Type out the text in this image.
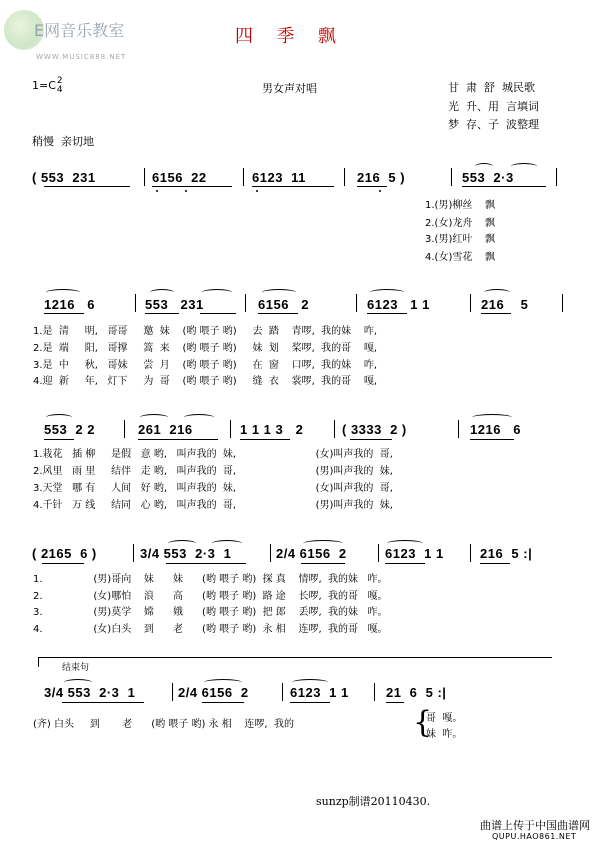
E网音乐教室
WWW.MUSIC888.NET
四  季  飘
1=C2
4	男女声对唱	甘  肃  舒  城民歌
光  升、用  言填词
梦  存、子  波整理
稍慢  亲切地
( 553  231	6156  22	6123  11	216  5 )	553  2·3
1.(男)柳丝    飘
2.(女)龙舟    飘
3.(男)红叶    飘
4.(女)雪花    飘
1216   6	553   231	6156   2	6123   1 1	216    5
1.是  清     明,   哥哥     邀  妹    (哟 喂子 哟)     去  踏    青啰,  我的妹    咋,
2.是  端     阳,   哥撑     篙  来    (哟 喂子 哟)     妹  划    桨啰,  我的哥    嘎,
3.是  中     秋,   哥妹     尝  月    (哟 喂子 哟)     在  窗    口啰,  我的妹    咋,
4.迎  新     年,   灯下     为  哥    (哟 喂子 哟)     缝  衣    裳啰,  我的哥    嘎,
553  2 2	261  216	1 1 1 3   2	( 3333  2 )	1216   6
1.栽花   插 柳     是假   意 哟,   叫声我的  妹,                         (女)叫声我的  哥,
2.风里   雨 里     结伴   走 哟,   叫声我的  哥,                         (男)叫声我的  妹,
3.天堂   哪 有     人间   好 哟,   叫声我的  妹,                         (女)叫声我的  哥,
4.千针   万 线     结同   心 哟,   叫声我的  哥,                         (男)叫声我的  妹,
( 2165  6 )	3/4 553  2·3  1	2/4 6156  2	6123  1 1	216  5 :|
1.                (男)哥向    妹      妹      (哟 喂子 哟)  探 真    情啰,  我的妹   咋。
2.                (女)哪怕    浪      高      (哟 喂子 哟)  路 途    长啰,  我的哥   嘎。
3.                (男)莫学    嫦      娥      (哟 喂子 哟)  把 郎    丢啰,  我的妹   咋。
4.                (女)白头    到      老      (哟 喂子 哟)  永 相    连啰,  我的哥   嘎。
结束句
3/4 553  2·3  1	2/4 6156  2	6123  1 1	21  6  5 :|
(齐) 白头     到       老      (哟 喂子 哟) 永 相    连啰,  我的	{
哥  嘎。
妹  咋。
sunzp制谱20110430.
曲谱上传于中国曲谱网
QUPU.HAO861.NET
